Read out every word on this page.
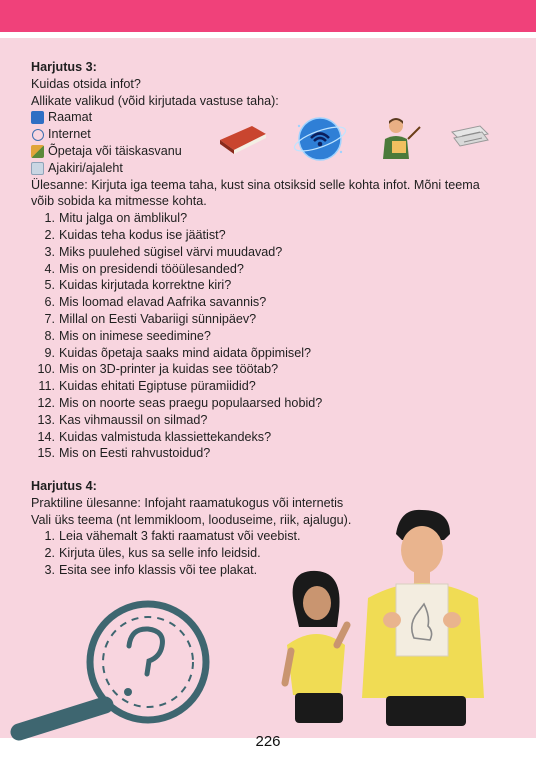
Harjutus 3:
Kuidas otsida infot?
Allikate valikud (võid kirjutada vastuse taha):
Raamat
Internet
Õpetaja või täiskasvanu
Ajakiri/ajaleht
Ülesanne: Kirjuta iga teema taha, kust sina otsiksid selle kohta infot. Mõni teema
võib sobida ka mitmesse kohta.
1. Mitu jalga on ämblikul?
2. Kuidas teha kodus ise jäätist?
3. Miks puulehed sügisel värvi muudavad?
4. Mis on presidendi tööülesanded?
5. Kuidas kirjutada korrektne kiri?
6. Mis loomad elavad Aafrika savannis?
7. Millal on Eesti Vabariigi sünnipäev?
8. Mis on inimese seedimine?
9. Kuidas õpetaja saaks mind aidata õppimisel?
10. Mis on 3D-printer ja kuidas see töötab?
11. Kuidas ehitati Egiptuse püramiidid?
12. Mis on noorte seas praegu populaarsed hobid?
13. Kas vihmaussil on silmad?
14. Kuidas valmistuda klassiettekandeks?
15. Mis on Eesti rahvustoidud?
Harjutus 4:
Praktiline ülesanne: Infojaht raamatukogus või internetis
Vali üks teema (nt lemmikloom, looduseime, riik, ajalugu).
1. Leia vähemalt 3 fakti raamatust või veebist.
2. Kirjuta üles, kus sa selle info leidsid.
3. Esita see info klassis või tee plakat.
226
